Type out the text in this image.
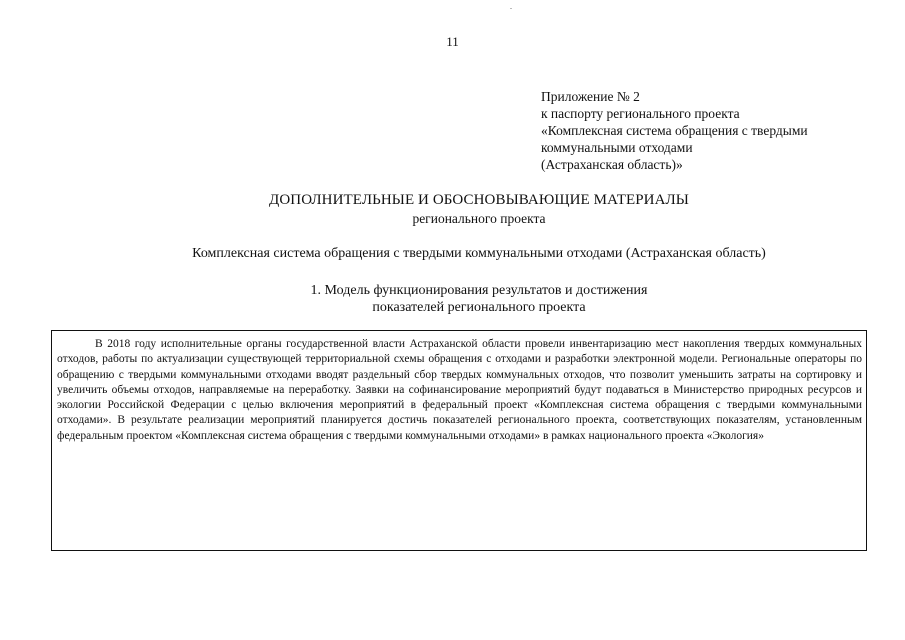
11
Приложение № 2
к паспорту регионального проекта
«Комплексная система обращения с твердыми
коммунальными отходами
(Астраханская область)»
ДОПОЛНИТЕЛЬНЫЕ И ОБОСНОВЫВАЮЩИЕ МАТЕРИАЛЫ
регионального проекта
Комплексная система обращения с твердыми коммунальными отходами (Астраханская область)
1. Модель функционирования результатов и достижения
показателей регионального проекта

В 2018 году исполнительные органы государственной власти Астраханской области провели инвентаризацию мест накопления твердых коммунальных отходов, работы по актуализации существующей территориальной схемы обращения с отходами и разработки электронной модели. Региональные операторы по обращению с твердыми коммунальными отходами вводят раздельный сбор твердых коммунальных отходов, что позволит уменьшить затраты на сортировку и увеличить объемы отходов, направляемые на переработку. Заявки на софинансирование мероприятий будут подаваться в Министерство природных ресурсов и экологии Российской Федерации с целью включения мероприятий в федеральный проект «Комплексная система обращения с твердыми коммунальными отходами». В результате реализации мероприятий планируется достичь показателей регионального проекта, соответствующих показателям, установленным федеральным проектом «Комплексная система обращения с твердыми коммунальными отходами» в рамках национального проекта «Экология»
